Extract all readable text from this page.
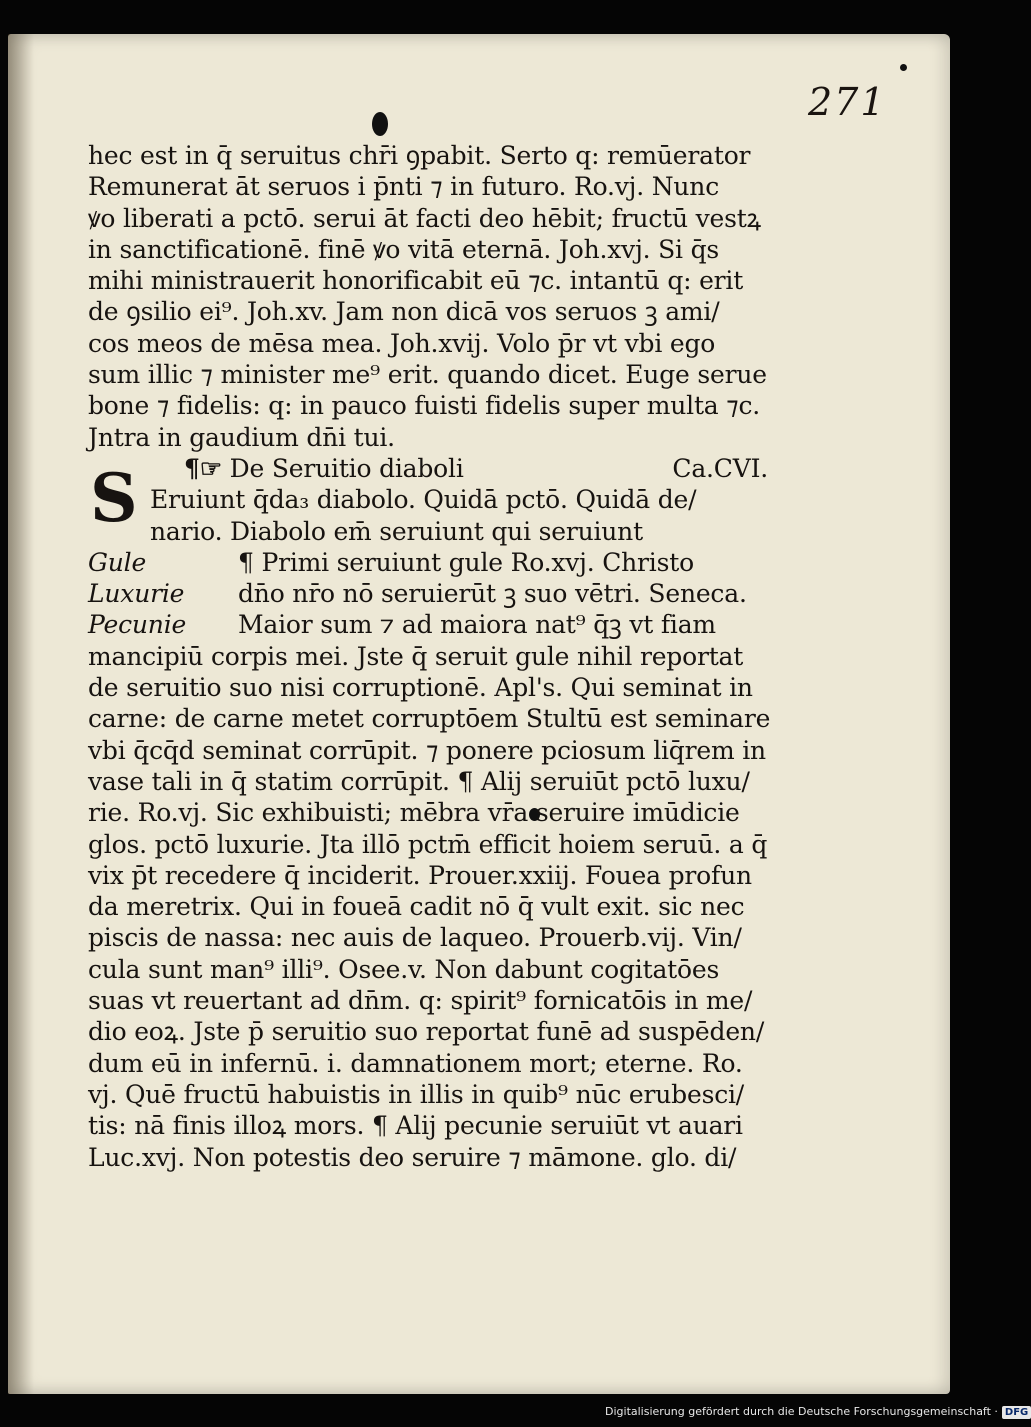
271
hec est in q̄ seruitus chr̄i ꝯpabit. Serto q: remūerator
Remunerat āt seruos i p̄nti ⁊ in futuro. Ro.vj. Nunc
ꝟo liberati a pctō. serui āt facti deo hēbit; fructū vestꝝ
in sanctificationē. finē ꝟo vitā eternā. Joh.xvj. Si q̄s
mihi ministrauerit honorificabit eū ⁊c. intantū q: erit
de ꝯsilio ei⁹. Joh.xv. Jam non dicā vos seruos ꝫ ami/
cos meos de mēsa mea. Joh.xvij. Volo p̄r vt vbi ego
sum illic ⁊ minister me⁹ erit. quando dicet. Euge serue
bone ⁊ fidelis: q: in pauco fuisti fidelis super multa ⁊c.
Jntra in gaudium dn̄i tui.
¶☞ De Seruitio diaboli	Ca.CVI.
Eruiunt q̄da₃ diabolo. Quidā pctō. Quidā de/
nario. Diabolo em̄ seruiunt qui seruiunt
Gule	¶ Primi seruiunt gule Ro.xvj. Christo
Luxurie	dn̄o nr̄o nō seruierūt ꝫ suo vētri. Seneca.
Pecunie	Maior sum ⁊ ad maiora nat⁹ q̄ꝫ vt fiam
mancipiū corpis mei. Jste q̄ seruit gule nihil reportat
de seruitio suo nisi corruptionē. Apl's. Qui seminat in
carne: de carne metet corruptōem Stultū est seminare
vbi q̄cq̄d seminat corrūpit. ⁊ ponere pciosum liq̄rem in
vase tali in q̄ statim corrūpit. ¶ Alij seruiūt pctō luxu/
rie. Ro.vj. Sic exhibuisti; mēbra vr̄a seruire imūdicie
glos. pctō luxurie. Jta illō pctm̄ efficit hoiem seruū. a q̄
vix p̄t recedere q̄ inciderit. Prouer.xxiij. Fouea profun
da meretrix. Qui in foueā cadit nō q̄̄ vult exit. sic nec
piscis de nassa: nec auis de laqueo. Prouerb.vij. Vin/
cula sunt man⁹ illi⁹. Osee.v. Non dabunt cogitatōes
suas vt reuertant ad dn̄m. q: spirit⁹ fornicatōis in me/
dio eoꝝ. Jste p̄ seruitio suo reportat funē ad suspēden/
dum eū in infernū. i. damnationem mort; eterne. Ro.
vj. Quē fructū habuistis in illis in quib⁹ nūc erubesci/
tis: nā finis illoꝝ mors. ¶ Alij pecunie seruiūt vt auari
Luc.xvj. Non potestis deo seruire ⁊ māmone. glo. di/
S
Digitalisierung gefördert durch die Deutsche Forschungsgemeinschaft · DFG
